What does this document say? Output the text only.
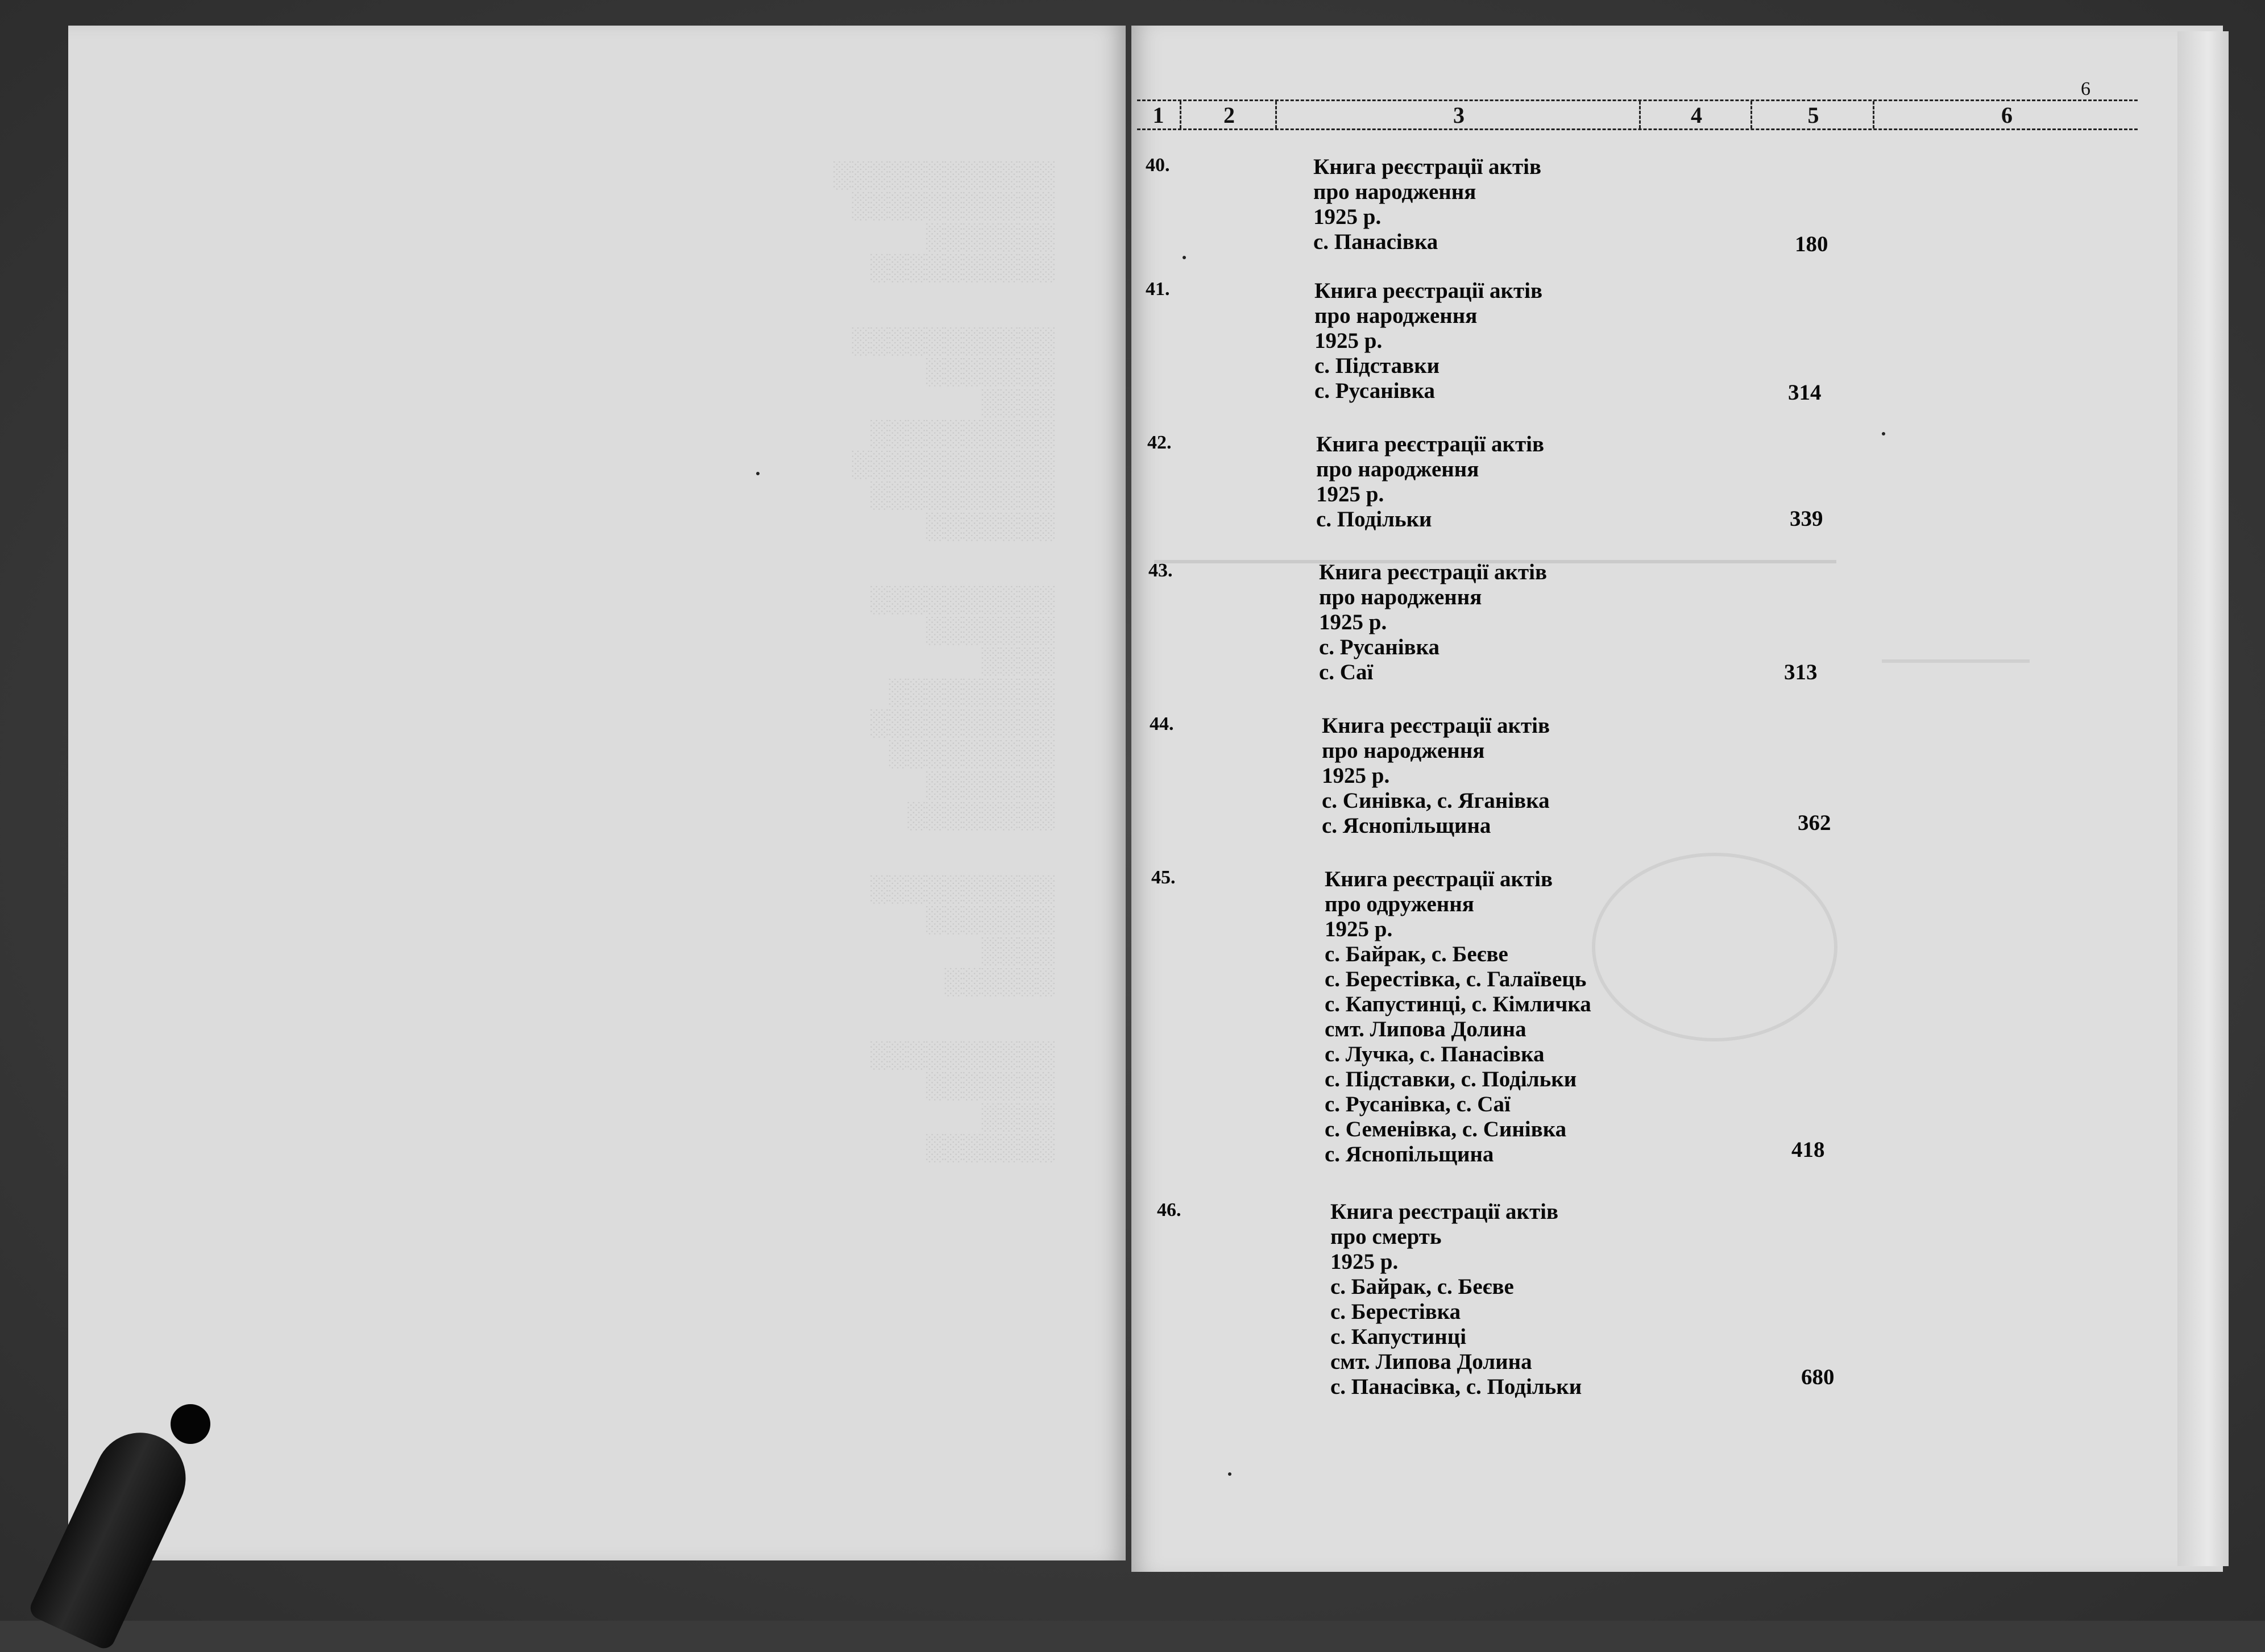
░░░░░░░░░░░░
░░░░░░░░░░░
░░░░░░░
░░░░░░░░░░

░░░░░░░░░░░
░░░░░░░
░░░░
░░░░░░░░░░
░░░░░░░░░░░
░░░░░░░░░░
░░░░░░░

░░░░░░░░░░
░░░░░░░
░░░░
░░░░░░░░░
░░░░░░░░░░
░░░░░░░░░
░░░░░░░
░░░░░░░░

░░░░░░░░░░
░░░░░░░
░░░░
░░░░░░

░░░░░░░░░░
░░░░░░░
░░░░
░░░░░░░

6
1	2	3	4	5	6
40.	Книга реєстрації актів
про народження
1925 р.
с. Панасівка	180
41.	Книга реєстрації актів
про народження
1925 р.
с. Підставки
с. Русанівка	314
42.	Книга реєстрації актів
про народження
1925 р.
с. Подільки	339
43.	Книга реєстрації актів
про народження
1925 р.
с. Русанівка
с. Саї	313
44.	Книга реєстрації актів
про народження
1925 р.
с. Синівка, с. Яганівка
с. Яснопільщина	362
45.	Книга реєстрації актів
про одруження
1925 р.
с. Байрак, с. Беєве
с. Берестівка, с. Галаївець
с. Капустинці, с. Кімличка
смт. Липова Долина
с. Лучка, с. Панасівка
с. Підставки, с. Подільки
с. Русанівка, с. Саї
с. Семенівка, с. Синівка
с. Яснопільщина	418
46.	Книга реєстрації актів
про смерть
1925 р.
с. Байрак, с. Беєве
с. Берестівка
с. Капустинці
смт. Липова Долина
с. Панасівка, с. Подільки	680
